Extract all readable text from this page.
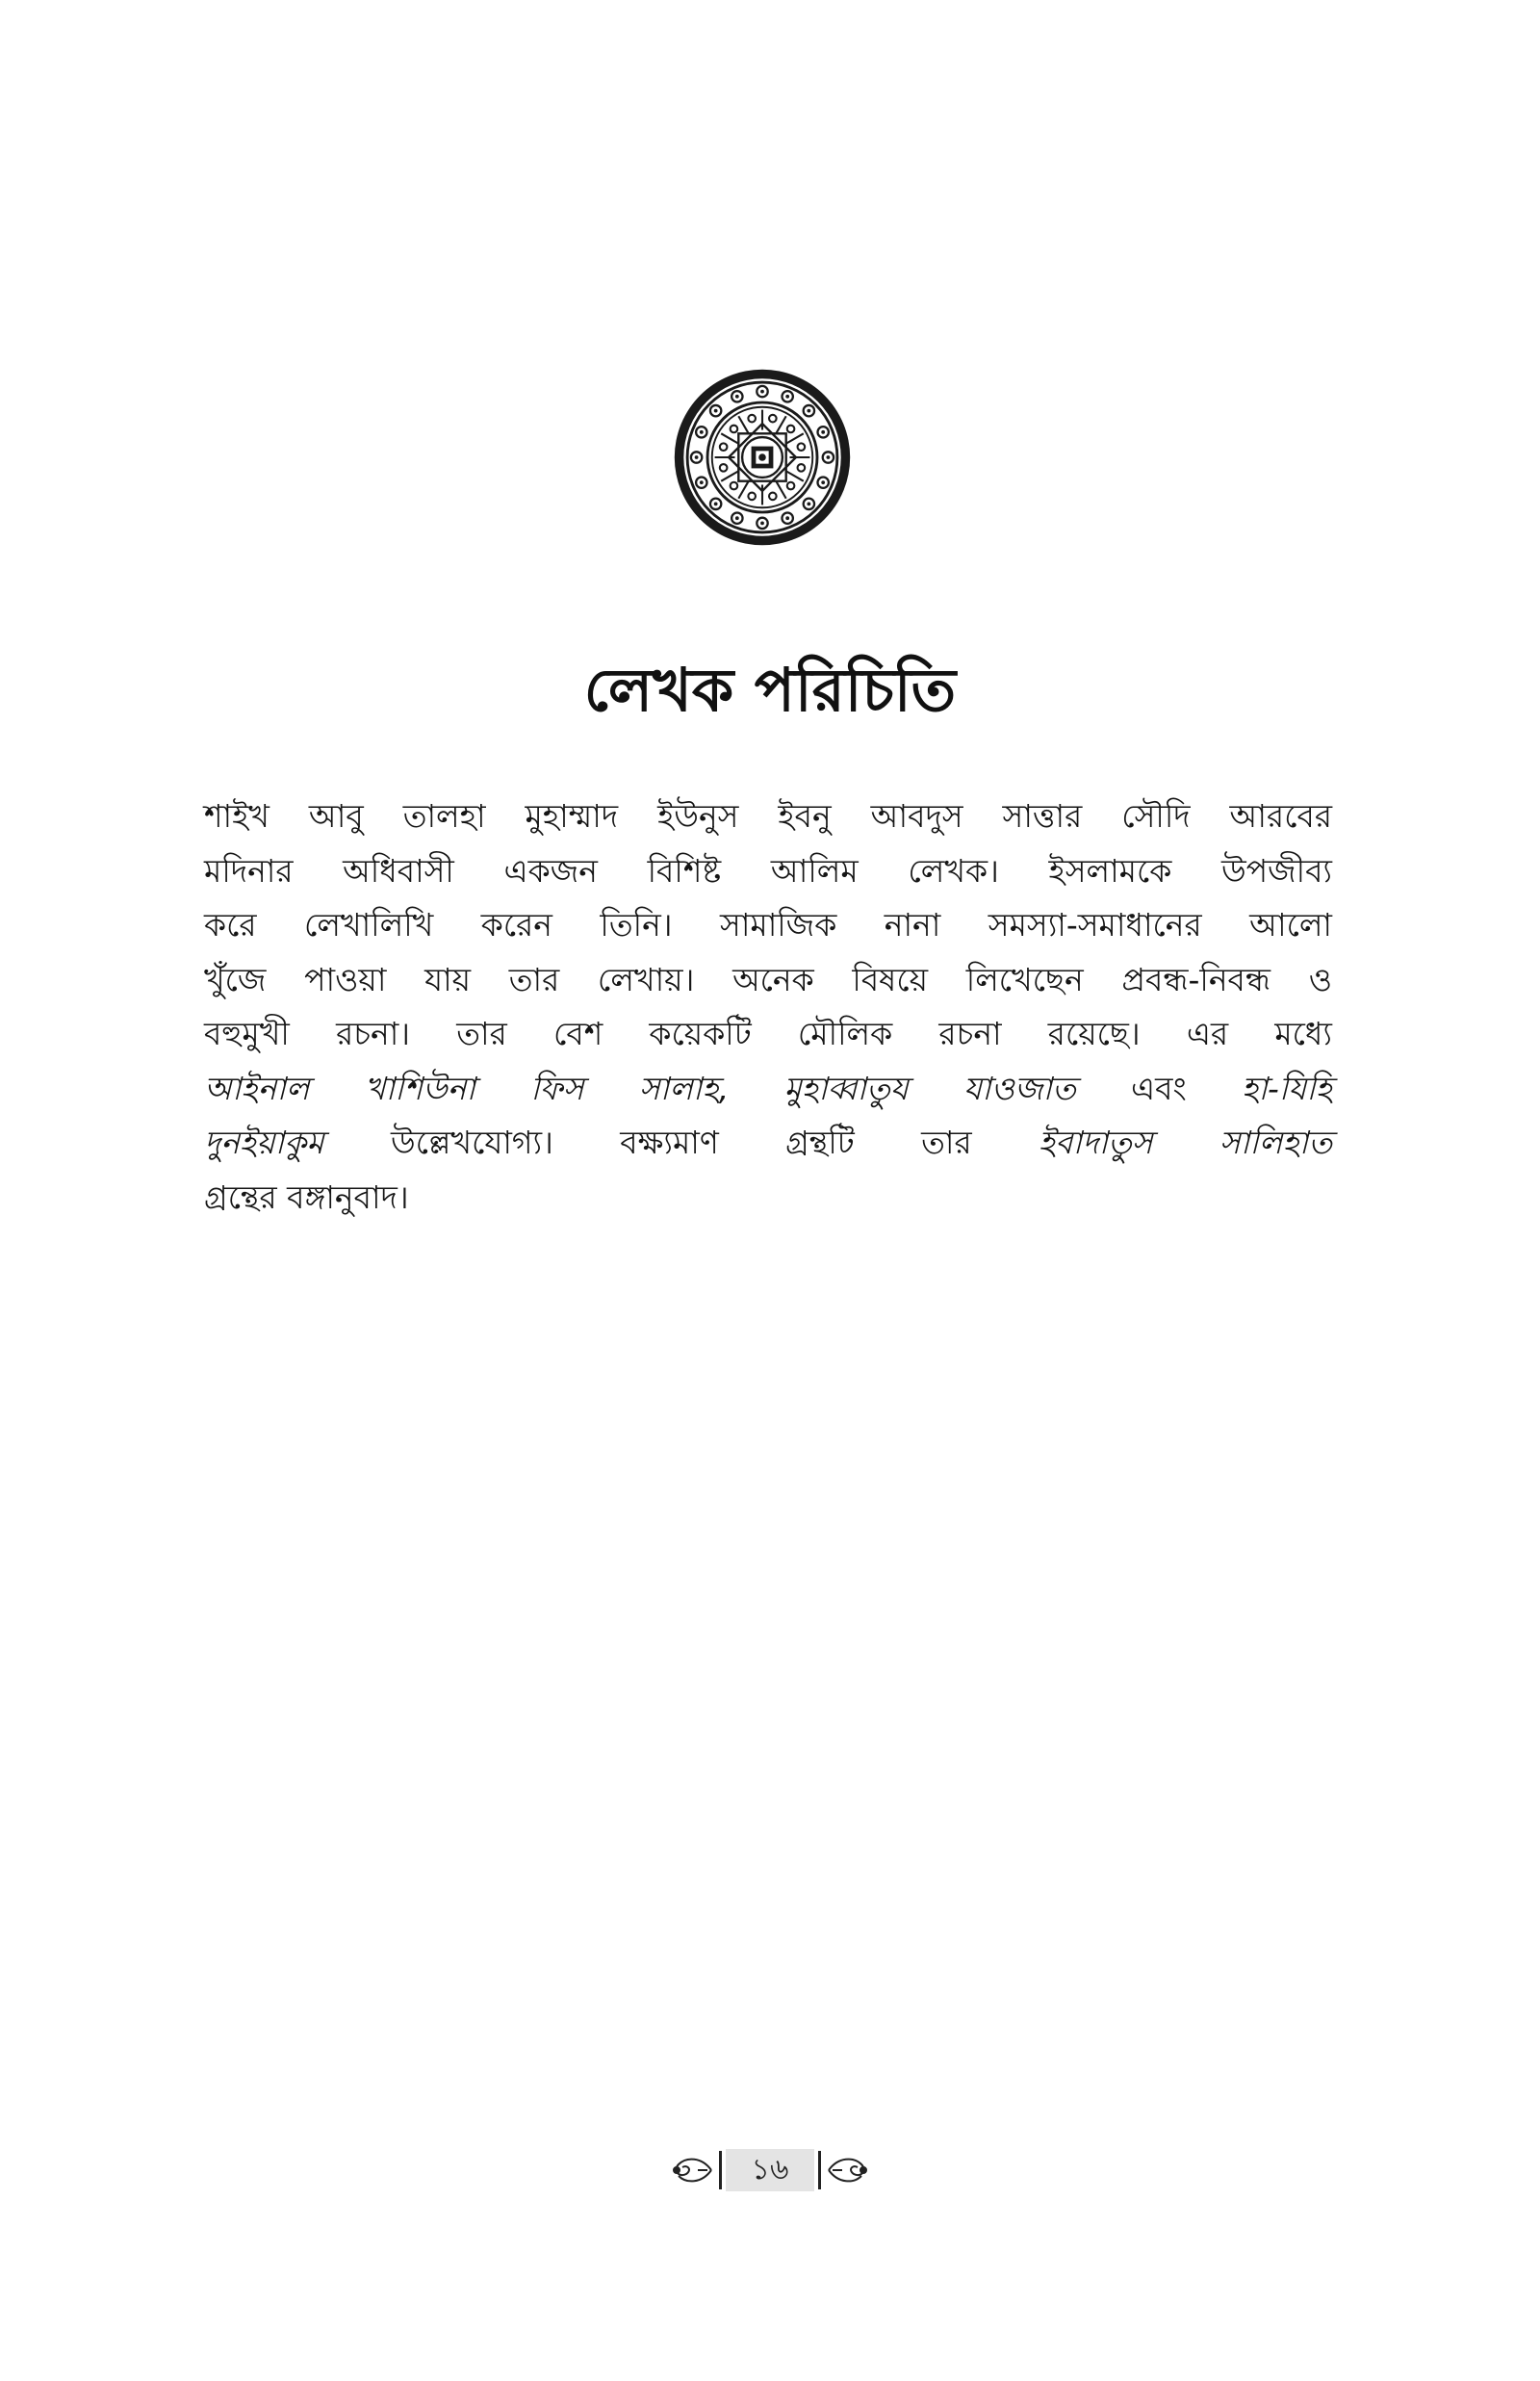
লেখক পরিচিতি
শাইখ আবু তালহা মুহাম্মাদ ইউনুস ইবনু আবদুস সাত্তার সৌদি আরবের
মদিনার অধিবাসী একজন বিশিষ্ট আলিম লেখক। ইসলামকে উপজীব্য
করে লেখালিখি করেন তিনি। সামাজিক নানা সমস্যা-সমাধানের আলো
খুঁজে পাওয়া যায় তার লেখায়। অনেক বিষয়ে লিখেছেন প্রবন্ধ-নিবন্ধ ও
বহুমুখী রচনা। তার বেশ কয়েকটি মৌলিক রচনা রয়েছে। এর মধ্যে
আইনাল খাশিউনা ফিস সালাহ, মুহাব্বাতুয যাওজাত এবং হা-যিহি
দুনইয়াকুম উল্লেখযোগ্য। বক্ষ্যমাণ গ্রন্থটি তার ইবাদাতুস সালিহাত
গ্রন্থের বঙ্গানুবাদ।
১৬
